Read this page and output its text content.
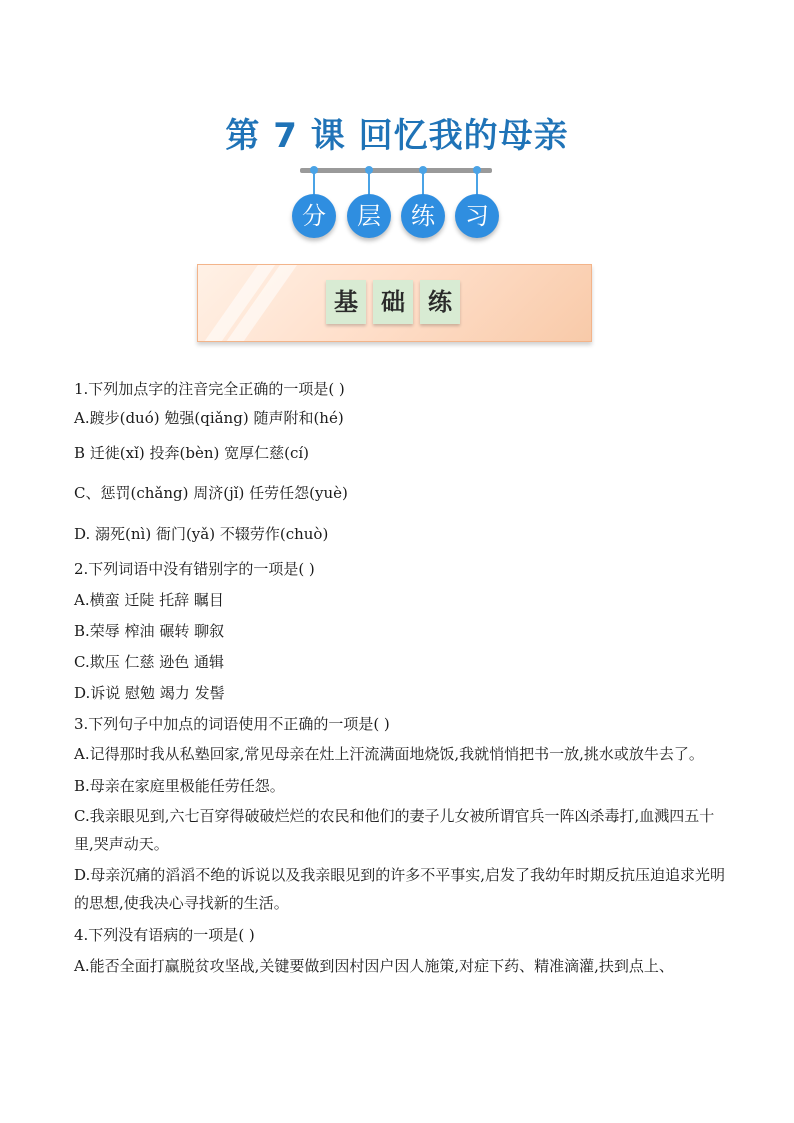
第 7 课 回忆我的母亲
分	层	练	习
基 础 练

1.下列加点字的注音完全正确的一项是( )

A.踱步(duó) 勉强(qiǎng) 随声附和(hé)

B 迁徙(xǐ) 投奔(bèn) 宽厚仁慈(cí)

C、惩罚(chǎng) 周济(jǐ) 任劳任怨(yuè)

D. 溺死(nì) 衙门(yǎ) 不辍劳作(chuò)

2.下列词语中没有错别字的一项是( )

A.横蛮 迁陡 托辞 瞩目

B.荣辱 榨油 碾转 聊叙

C.欺压 仁慈 逊色 通辑

D.诉说 慰勉 竭力 发髻

3.下列句子中加点的词语使用不正确的一项是( )

A.记得那时我从私塾回家,常见母亲在灶上汗流满面地烧饭,我就悄悄把书一放,挑水或放牛去了。

B.母亲在家庭里极能任劳任怨。

C.我亲眼见到,六七百穿得破破烂烂的农民和他们的妻子儿女被所谓官兵一阵凶杀毒打,血溅四五十里,哭声动天。

D.母亲沉痛的滔滔不绝的诉说以及我亲眼见到的许多不平事实,启发了我幼年时期反抗压迫追求光明的思想,使我决心寻找新的生活。

4.下列没有语病的一项是( )

A.能否全面打赢脱贫攻坚战,关键要做到因村因户因人施策,对症下药、精准滴灌,扶到点上、
